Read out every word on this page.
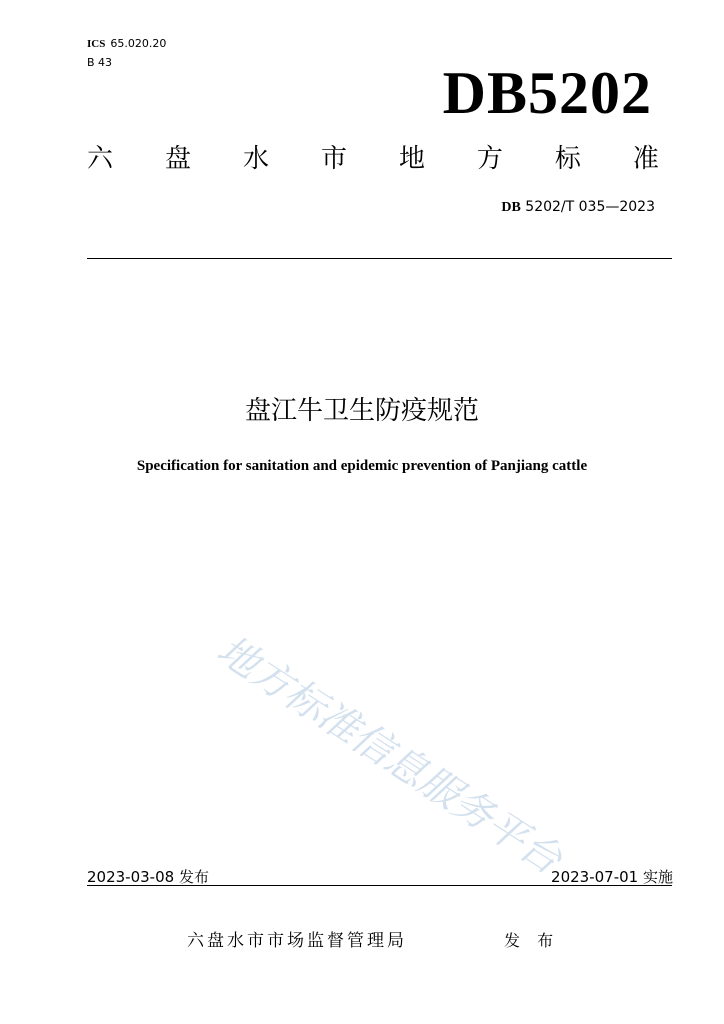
ICS 65.020.20
B 43	DB5202
六 盘 水 市 地 方 标 准
DB 5202/T 035—2023
盘江牛卫生防疫规范
Specification for sanitation and epidemic prevention of Panjiang cattle
地方标准信息服务平台
2023-03-08 发布	2023-07-01 实施
六盘水市市场监督管理局	发 布
